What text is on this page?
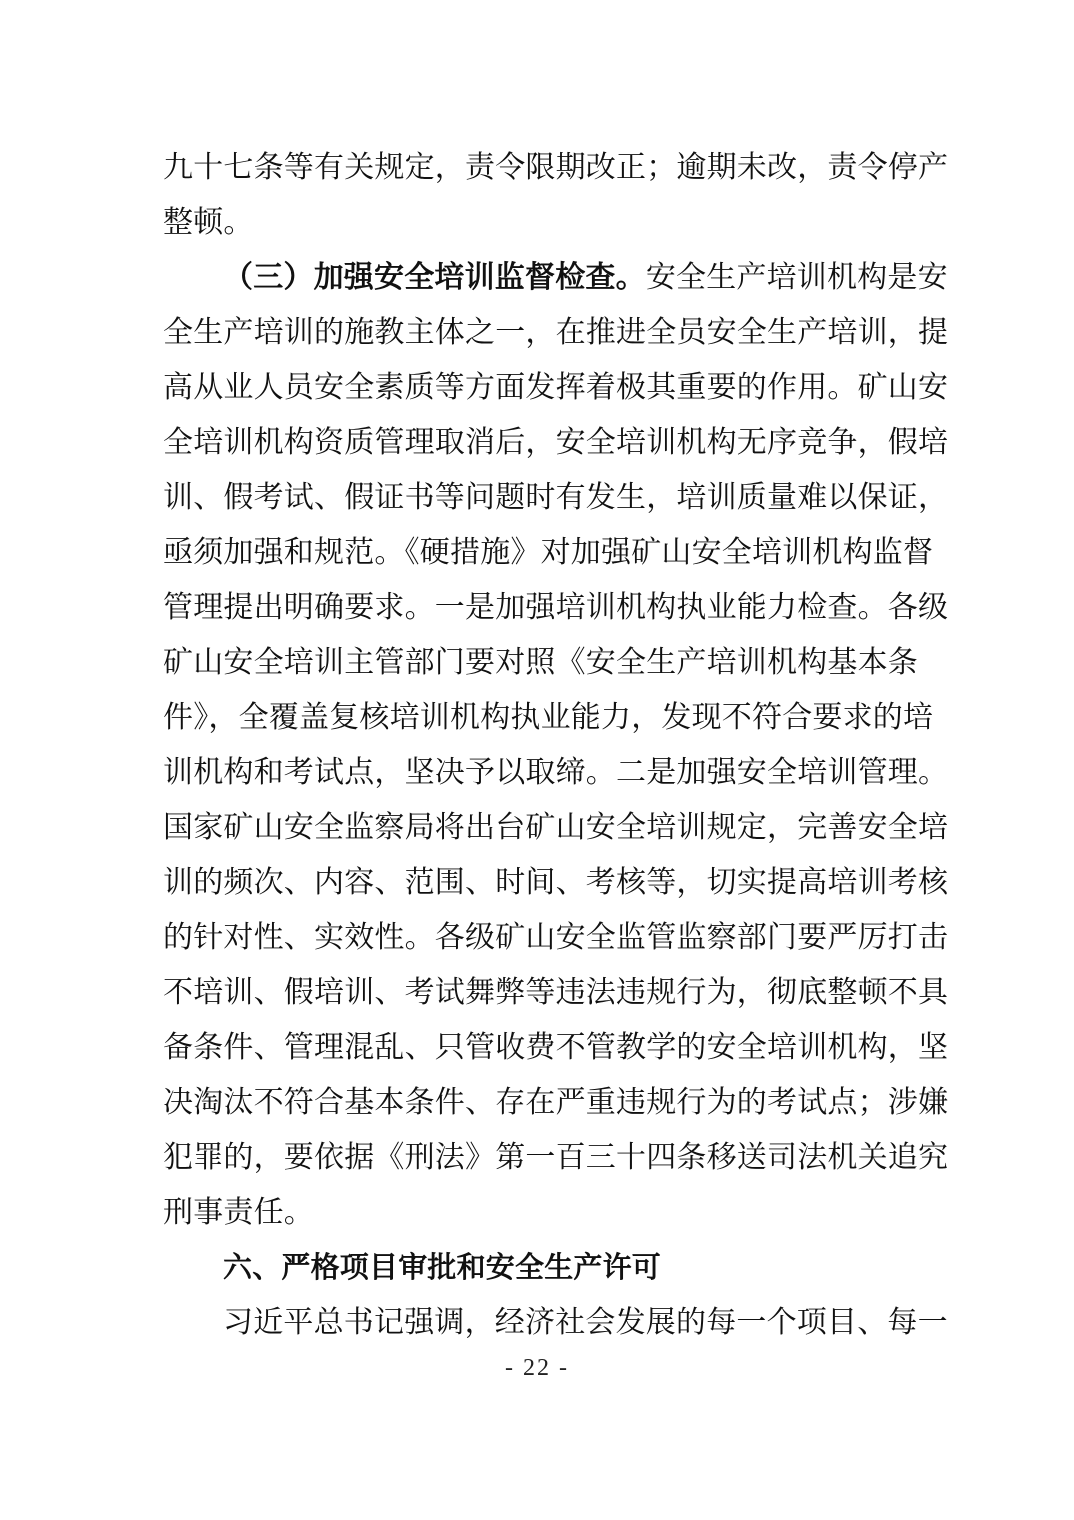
九十七条等有关规定，责令限期改正；逾期未改，责令停产
整顿。
（三）加强安全培训监督检查。安全生产培训机构是安
全生产培训的施教主体之一，在推进全员安全生产培训，提
高从业人员安全素质等方面发挥着极其重要的作用。矿山安
全培训机构资质管理取消后，安全培训机构无序竞争，假培
训、假考试、假证书等问题时有发生，培训质量难以保证，
亟须加强和规范。《硬措施》对加强矿山安全培训机构监督
管理提出明确要求。一是加强培训机构执业能力检查。各级
矿山安全培训主管部门要对照《安全生产培训机构基本条
件》，全覆盖复核培训机构执业能力，发现不符合要求的培
训机构和考试点，坚决予以取缔。二是加强安全培训管理。
国家矿山安全监察局将出台矿山安全培训规定，完善安全培
训的频次、内容、范围、时间、考核等，切实提高培训考核
的针对性、实效性。各级矿山安全监管监察部门要严厉打击
不培训、假培训、考试舞弊等违法违规行为，彻底整顿不具
备条件、管理混乱、只管收费不管教学的安全培训机构，坚
决淘汰不符合基本条件、存在严重违规行为的考试点；涉嫌
犯罪的，要依据《刑法》第一百三十四条移送司法机关追究
刑事责任。
六、严格项目审批和安全生产许可
习近平总书记强调，经济社会发展的每一个项目、每一
- 22 -
